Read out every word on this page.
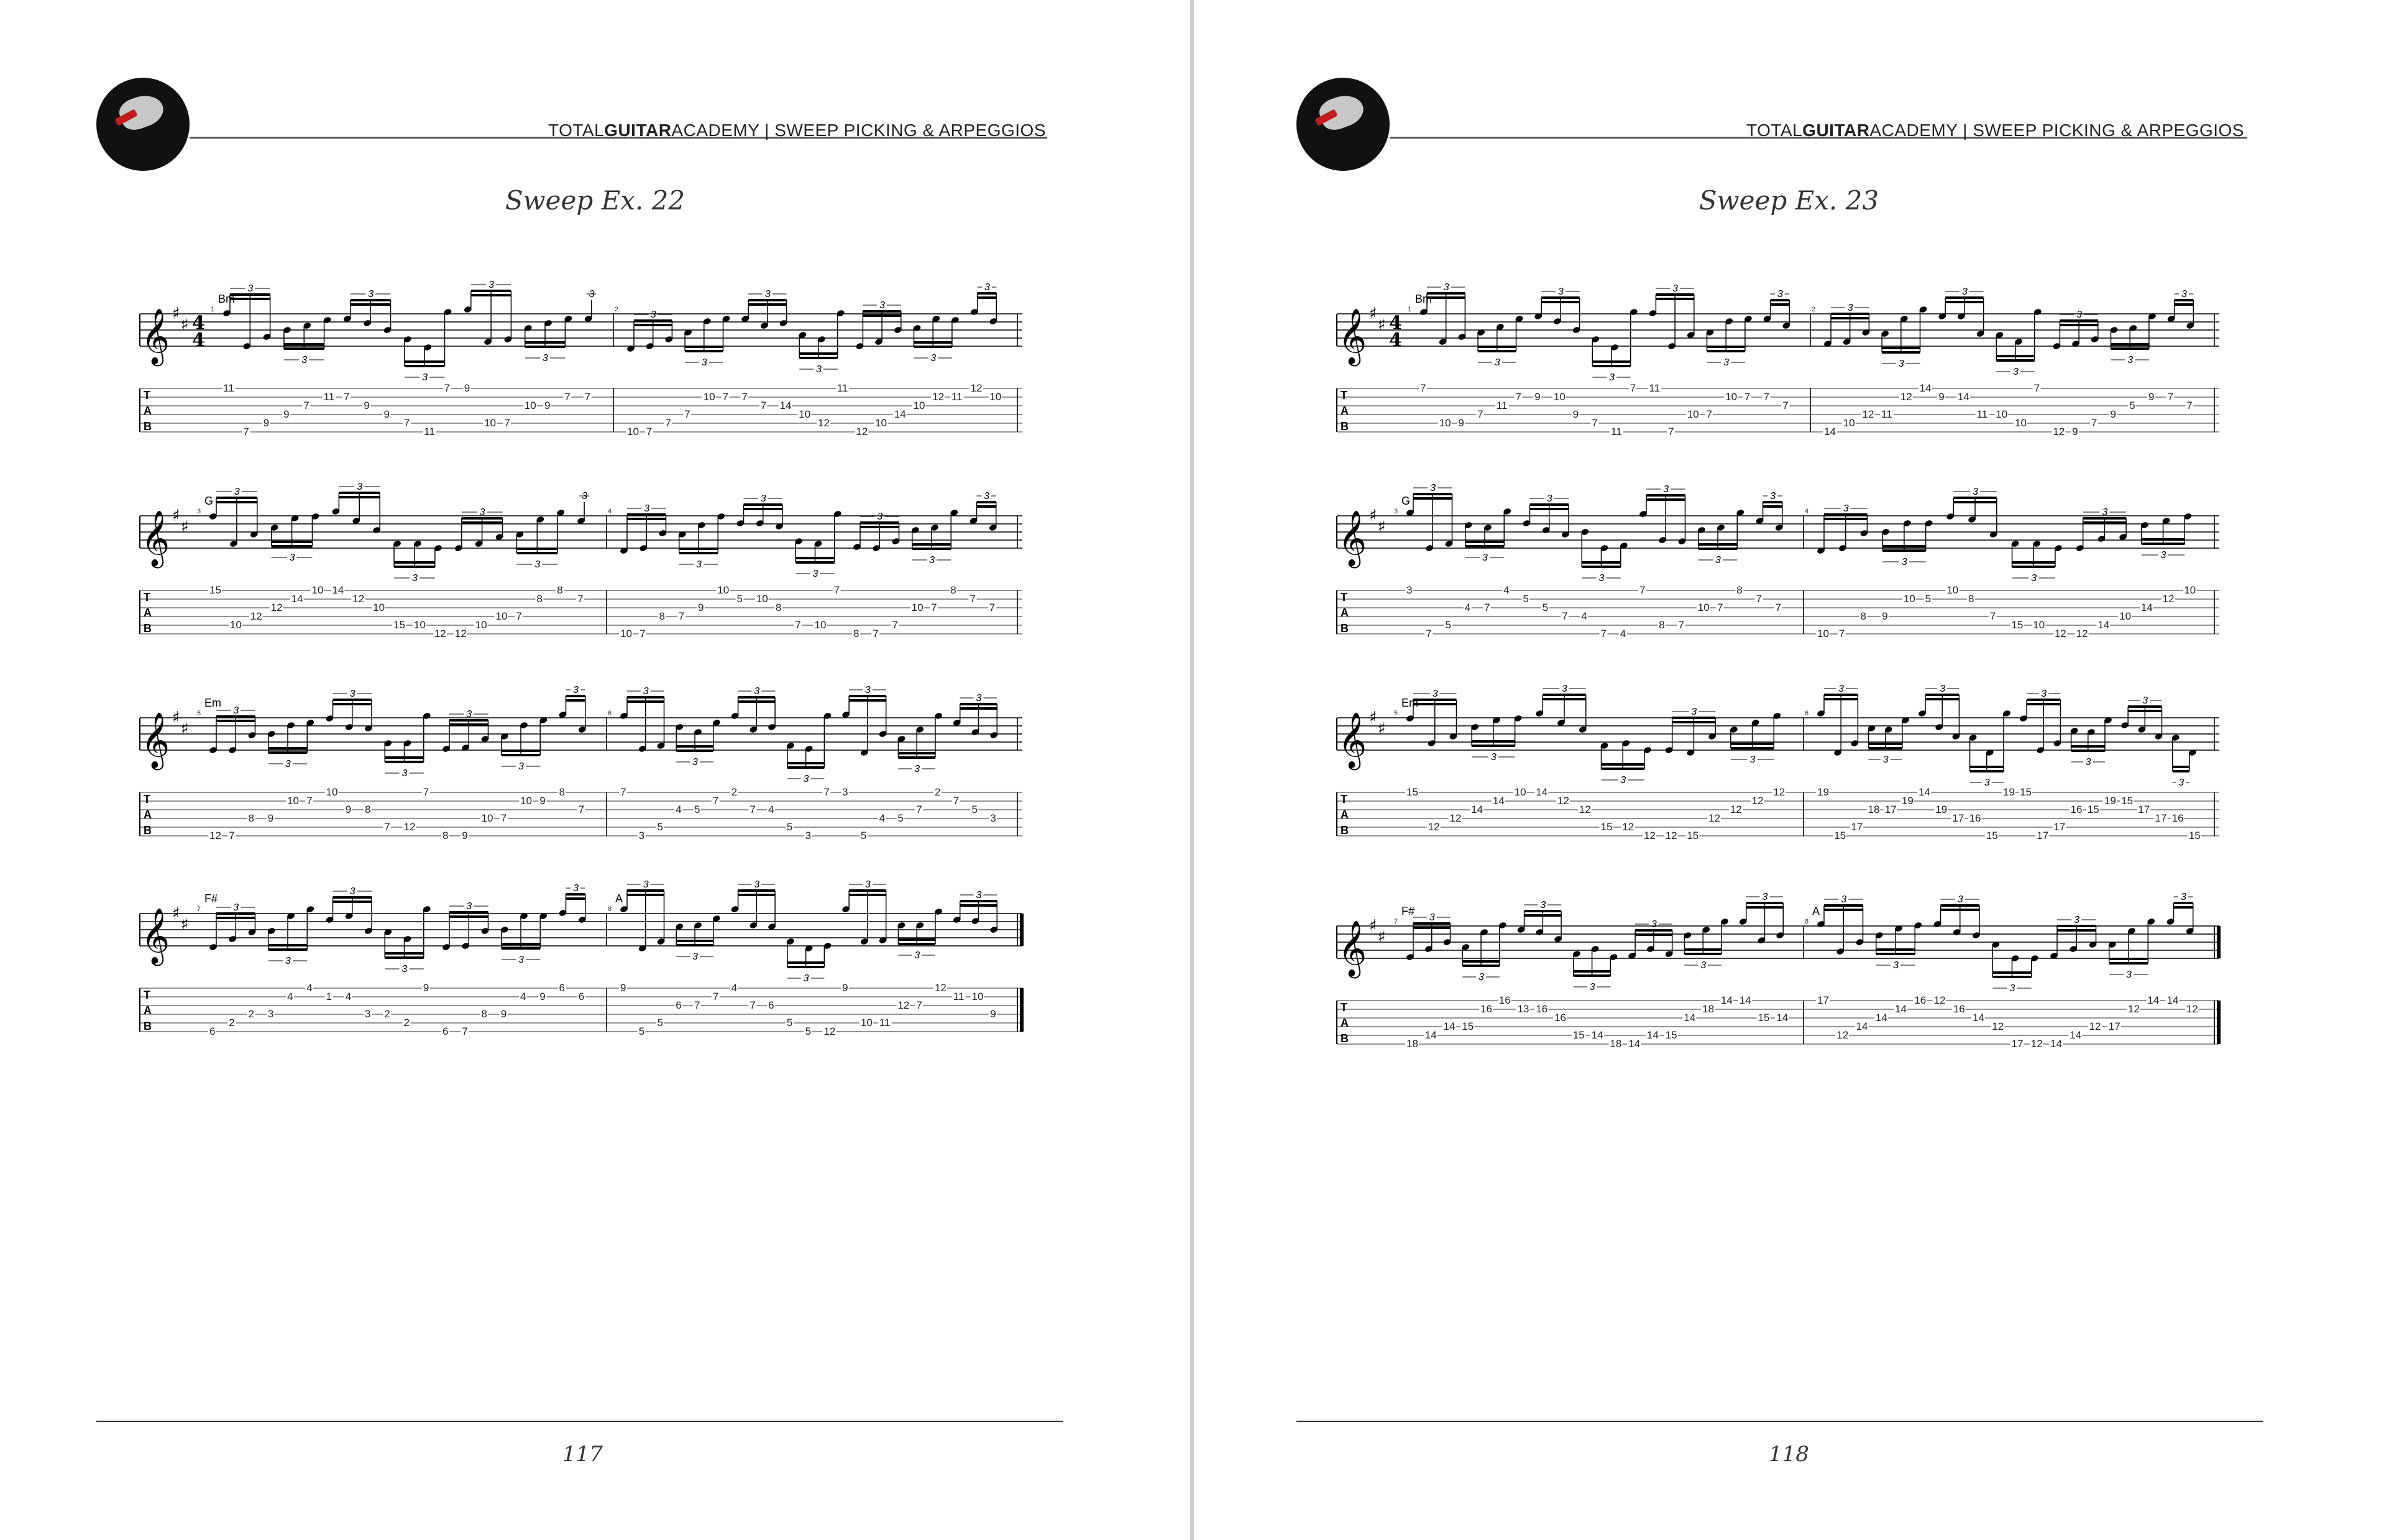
TOTALGUITARACADEMY | SWEEP PICKING & ARPEGGIOS
Sweep Ex. 22
𝄞 ♯
♯ 4
4
T
A
B
1
Bm
11
7
9
9
7
11 7
9
9
7
11
7 9
10 7
10 9
7 7
3
3
3
3
3
3
3
2
10 7
7
7
10 7 7
7 14
10
12
11
12
10
14
10
12 11
12
10
3
3
3
3
3
3
3
𝄞 ♯
♯
T
A
B
3
G
15
10
12
12
14
10 14
12
10
15 10
12 12
10
10 7
8
8
7
3
3
3
3
3
3
3
4
10 7
8 7
9
10
5 10
8
7 10
7
8 7
7
10 7
8
7
7
3
3
3
3
3
3
3
𝄞 ♯
♯
T
A
B
5
Em
12 7
8 9
10 7
10
9 8
7 12
7
8 9
10 7
10 9
8
7
3
3
3
3
3
3
3
6
7
3
5
4 5
7
2
7 4
5
3
7 3
5
4 5
7
2
7
5
3
3
3
3
3
3
3
3
𝄞 ♯
♯
T
A
B
7
F#
6
2
2 3
4
4
1 4
3 2
2
9
6 7
8 9
4 9
6
6
3
3
3
3
3
3
3
8
A
9
5
5
6 7
7
4
7 6
5
5 12
9
10 11
12 7
12
11 10
9
3
3
3
3
3
3
3
117
TOTALGUITARACADEMY | SWEEP PICKING & ARPEGGIOS
Sweep Ex. 23
𝄞 ♯
♯ 4
4
T
A
B
1
Bm
7
10 9
7
11
7 9 10
9
7
11
7 11
7
10 7
10 7 7
7
3
3
3
3
3
3
3
2
14
10
12 11
12
14
9 14
11 10
10
7
12 9
7
9
5
9 7
7
3
3
3
3
3
3
3
𝄞 ♯
♯
T
A
B
3
G
3
7
5
4 7
4
5
5
7 4
7 4
7
8 7
10 7
8
7
7
3
3
3
3
3
3
3
4
10 7
8 9
10 5
10
8
7
15 10
12 12
14
10
14
12
10
3
3
3
3
3
3
𝄞 ♯
♯
T
A
B
5
Em
15
12
12
14
14
10 14
12
12
15 12
12 12 15
12
12
12
12
3
3
3
3
3
3
6
19
15
17
18 17
19
14
19
17 16
15
19 15
17
17
16 15
19 15
17
17 16
15
3
3
3
3
3
3
3
3
𝄞 ♯
♯
T
A
B
7
F#
18
14
14 15
16
16
13 16
16
15 14
18 14
14 15
14
18
14 14
15 14
3
3
3
3
3
3
3
8
A
17
12
14
14
14
16 12
16
14
12
17 12 14
14
12 17
12
14 14
12
3
3
3
3
3
3
3
118
